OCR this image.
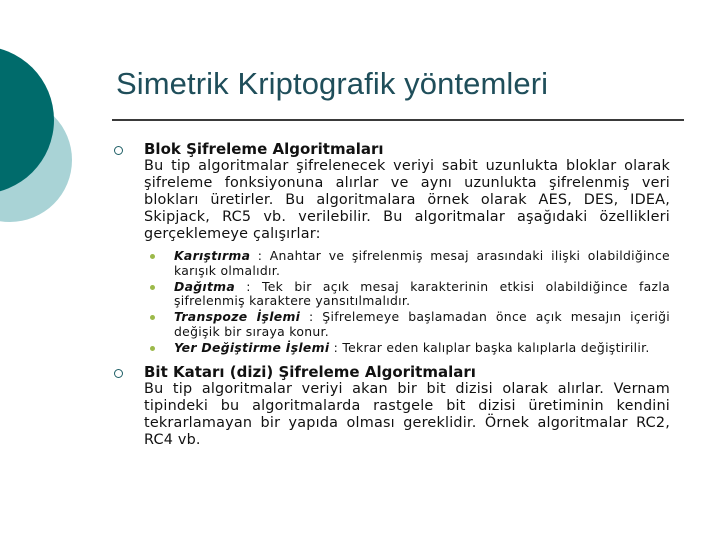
Simetrik Kriptografik yöntemleri
Blok Şifreleme Algoritmaları
Bu tip algoritmalar şifrelenecek veriyi sabit uzunlukta bloklar olarak şifreleme fonksiyonuna alırlar ve aynı uzunlukta şifrelenmiş veri blokları üretirler. Bu algoritmalara örnek olarak AES, DES, IDEA, Skipjack, RC5 vb. verilebilir. Bu algoritmalar aşağıdaki özellikleri gerçeklemeye çalışırlar:
Karıştırma : Anahtar ve şifrelenmiş mesaj arasındaki ilişki olabildiğince karışık olmalıdır.
Dağıtma : Tek bir açık mesaj karakterinin etkisi olabildiğince fazla şifrelenmiş karaktere yansıtılmalıdır.
Transpoze İşlemi : Şifrelemeye başlamadan önce açık mesajın içeriği değişik bir sıraya konur.
Yer Değiştirme İşlemi : Tekrar eden kalıplar başka kalıplarla değiştirilir.
Bit Katarı (dizi) Şifreleme Algoritmaları
Bu tip algoritmalar veriyi akan bir bit dizisi olarak alırlar. Vernam tipindeki bu algoritmalarda rastgele bit dizisi üretiminin kendini tekrarlamayan bir yapıda olması gereklidir. Örnek algoritmalar RC2, RC4 vb.
